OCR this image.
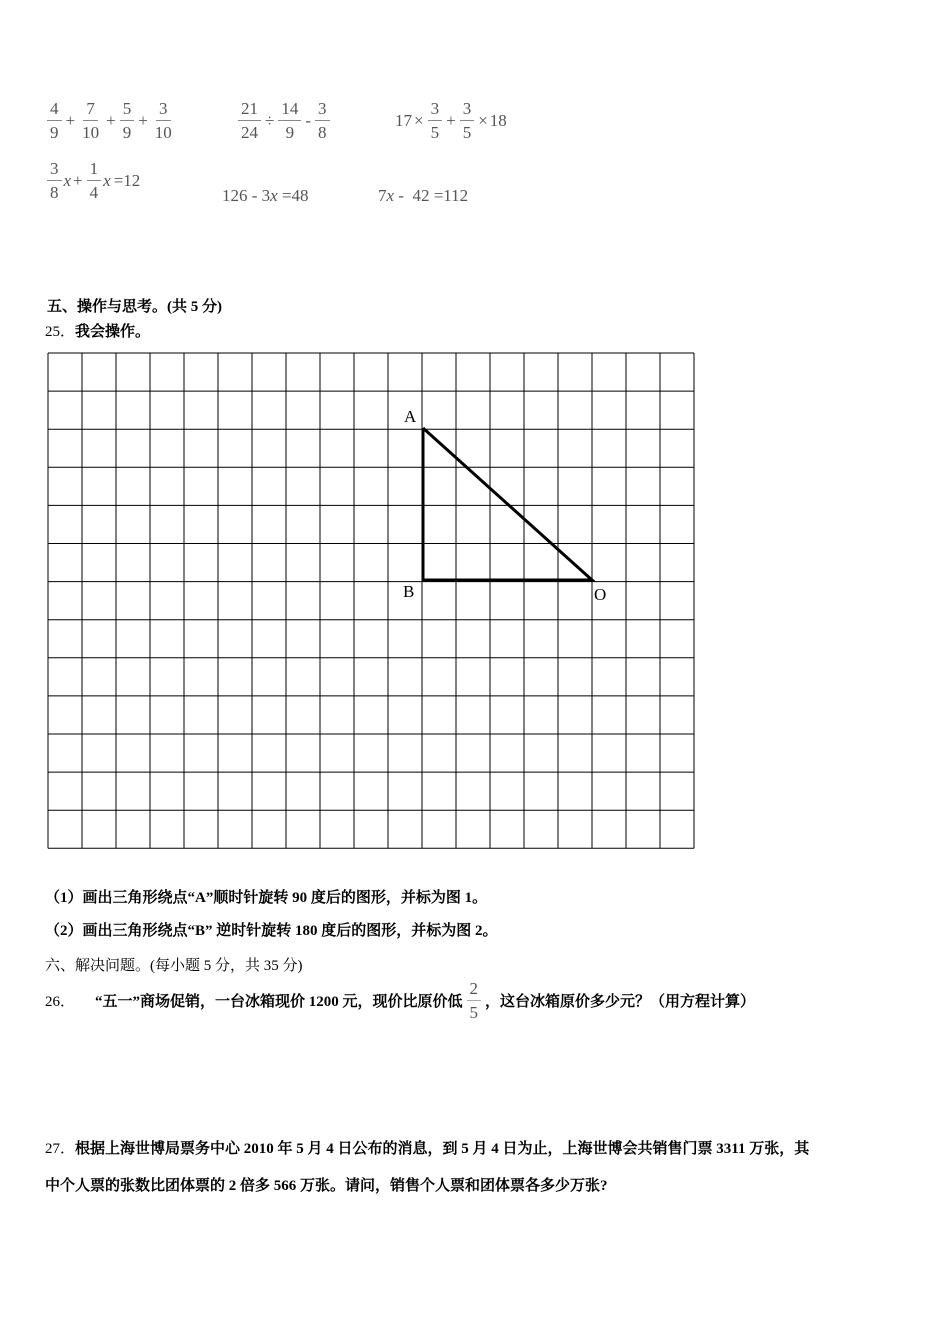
$\frac{4}{9} + \frac{7}{10} + \frac{5}{9} + \frac{3}{10}$	$\frac{21}{24} \div \frac{14}{9} - \frac{3}{8}$	$17 \times \frac{3}{5} + \frac{3}{5} \times 18$
$\frac{3}{8}$ $x + \frac{1}{4}$ x =12
126 - 3x =48	7x -  42 =112
五、操作与思考。(共 5 分)
25．我会操作。
A
B	O
（1）画出三角形绕点“A”顺时针旋转 90 度后的图形，并标为图 1。
（2）画出三角形绕点“B” 逆时针旋转 180 度后的图形，并标为图 2。
六、解决问题。(每小题 5 分，共 35 分)
26． “五一”商场促销，一台冰箱现价 1200 元，现价比原价低 $\frac{2}{5}$ ，这台冰箱原价多少元？（用方程计算）
27．根据上海世博局票务中心 2010 年 5 月 4 日公布的消息，到 5 月 4 日为止，上海世博会共销售门票 3311 万张，其
中个人票的张数比团体票的 2 倍多 566 万张。请问，销售个人票和团体票各多少万张?
